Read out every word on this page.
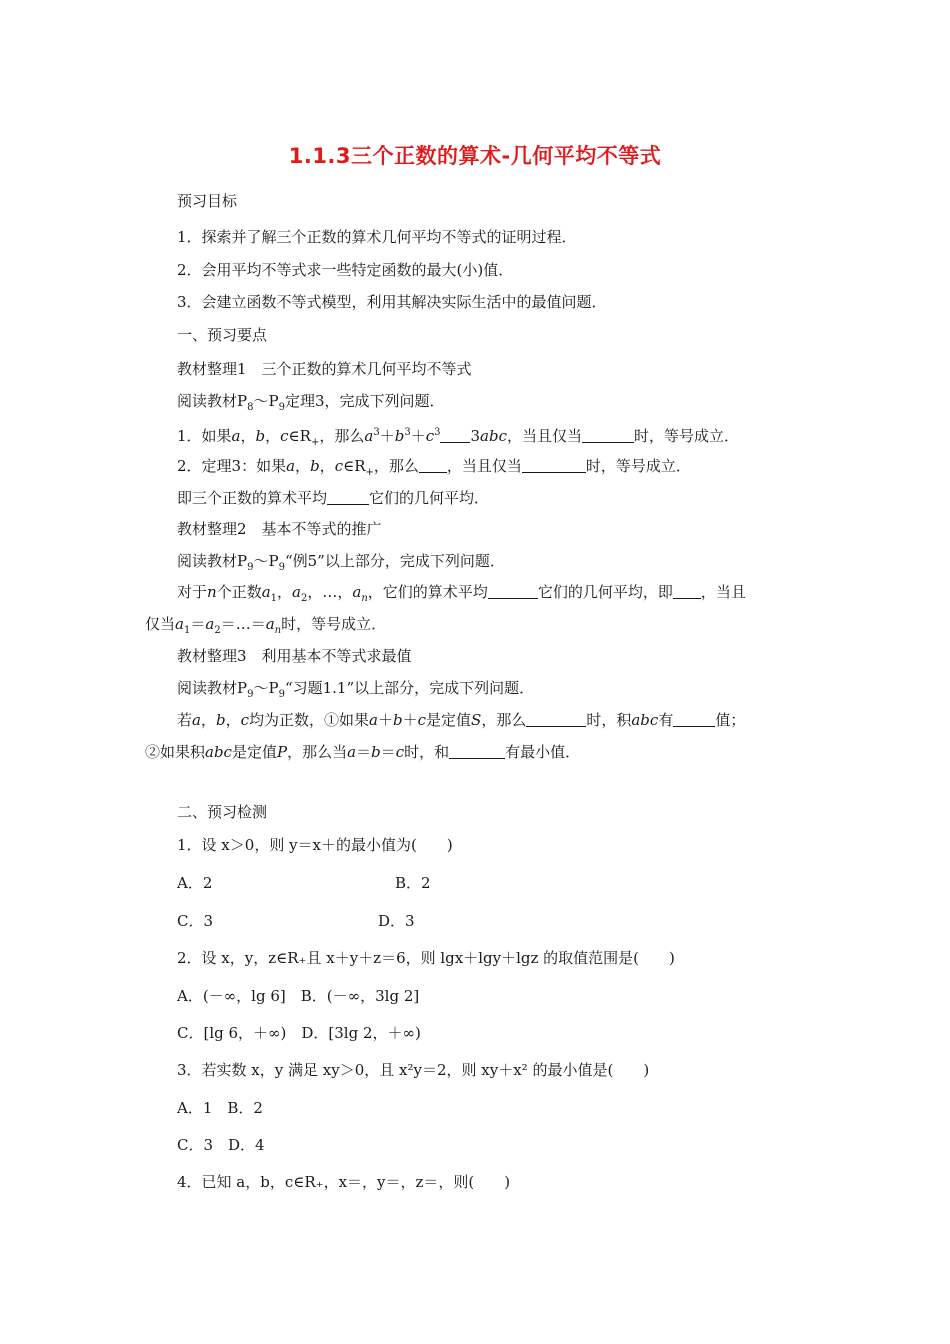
1.1.3三个正数的算术-几何平均不等式
预习目标
1．探索并了解三个正数的算术几何平均不等式的证明过程．
2．会用平均不等式求一些特定函数的最大(小)值．
3．会建立函数不等式模型，利用其解决实际生活中的最值问题．
一、预习要点
教材整理1　三个正数的算术几何平均不等式
阅读教材$P_8\sim P_9$定理3，完成下列问题．
1．如果a，b，$c\in R_+$，那么$a^3+b^3+c^3$ 3abc，当且仅当	时，等号成立．
2．定理3：如果a，b，$c\in R_+$，那么 ，当且仅当	时，等号成立．
即三个正数的算术平均	它们的几何平均．
教材整理2　基本不等式的推广
阅读教材$P_9\sim P_9“$例5”以上部分，完成下列问题．
对于n个正数$a_1$，$a_2$，…，$a_n$，它们的算术平均	它们的几何平均，即 ，当且
仅当$a_1=a_2=\dots=a_n$时，等号成立．
教材整理3　利用基本不等式求最值
阅读教材$P_9\sim P_9“$习题1.1”以上部分，完成下列问题．
若a，b，c均为正数，①如果a＋b＋c是定值S，那么	时，积abc有	值；
②如果积abc是定值P，那么当a＝b＝c时，和	有最小值．
二、预习检测
1．设 x＞0，则 y＝x＋的最小值为(　　)
A．2	B．2
C．3	D．3
2．设 x，y，z∈R₊且 x＋y＋z＝6，则 lgx＋lgy＋lgz 的取值范围是(　　)
A．(－∞，lg 6]　B．(－∞，3lg 2]
C．[lg 6，＋∞)　D．[3lg 2，＋∞)
3．若实数 x，y 满足 xy＞0，且 x²y＝2，则 xy＋x² 的最小值是(　　)
A．1　B．2
C．3　D．4
4．已知 a，b，c∈R₊，x＝，y＝，z＝，则(　　)
